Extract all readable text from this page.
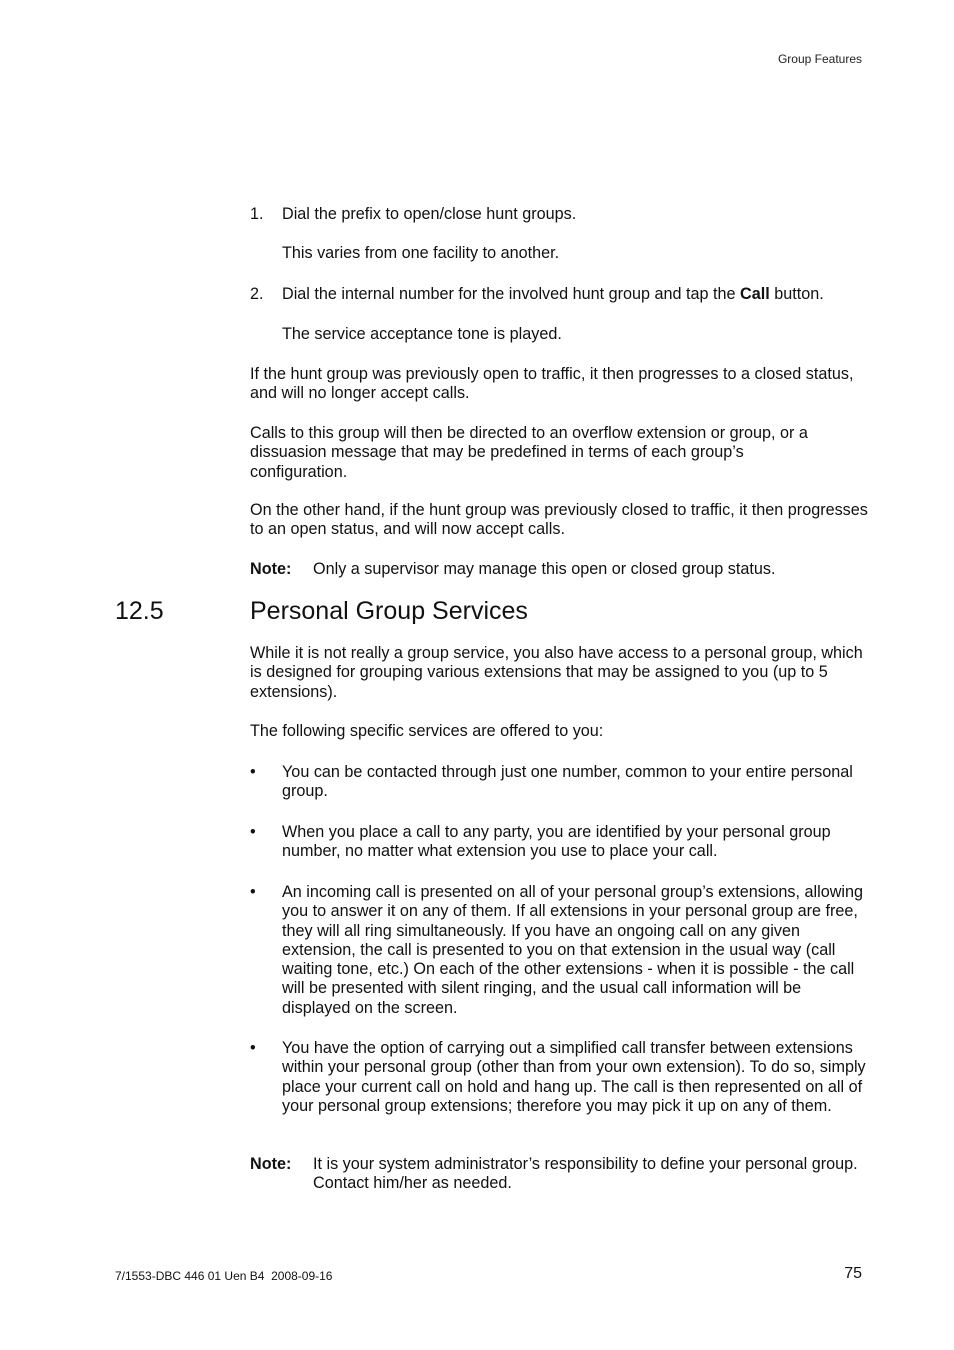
Group Features
1. Dial the prefix to open/close hunt groups.
This varies from one facility to another.
2. Dial the internal number for the involved hunt group and tap the Call button.
The service acceptance tone is played.

If the hunt group was previously open to traffic, it then progresses to a closed status, and will no longer accept calls.

Calls to this group will then be directed to an overflow extension or group, or a dissuasion message that may be predefined in terms of each group’s configuration.

On the other hand, if the hunt group was previously closed to traffic, it then progresses to an open status, and will now accept calls.

Note: Only a supervisor may manage this open or closed group status.
12.5	Personal Group Services

While it is not really a group service, you also have access to a personal group, which is designed for grouping various extensions that may be assigned to you (up to 5 extensions).

The following specific services are offered to you:

• You can be contacted through just one number, common to your entire personal group.
• When you place a call to any party, you are identified by your personal group number, no matter what extension you use to place your call.
• An incoming call is presented on all of your personal group’s extensions, allowing you to answer it on any of them. If all extensions in your personal group are free, they will all ring simultaneously. If you have an ongoing call on any given extension, the call is presented to you on that extension in the usual way (call waiting tone, etc.) On each of the other extensions - when it is possible - the call will be presented with silent ringing, and the usual call information will be displayed on the screen.
• You have the option of carrying out a simplified call transfer between extensions within your personal group (other than from your own extension). To do so, simply place your current call on hold and hang up. The call is then represented on all of your personal group extensions; therefore you may pick it up on any of them.
Note: It is your system administrator’s responsibility to define your personal group. Contact him/her as needed.
7/1553-DBC 446 01 Uen B4  2008-09-16	75
